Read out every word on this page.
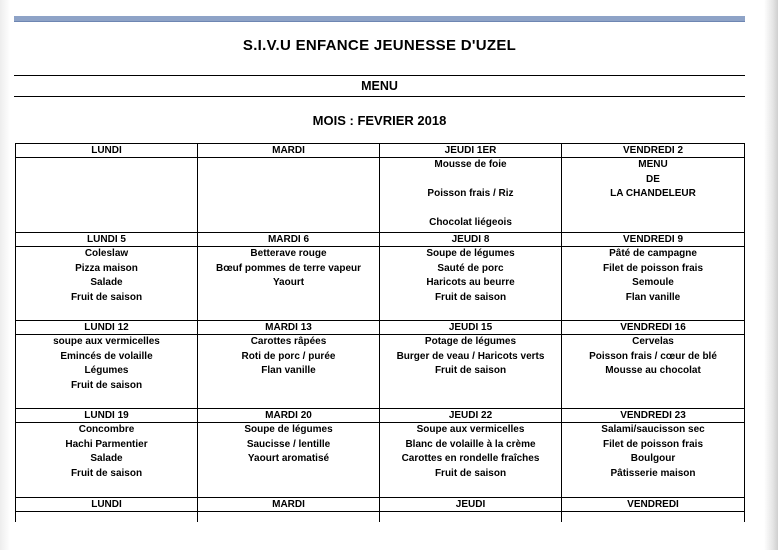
S.I.V.U ENFANCE JEUNESSE D'UZEL
MENU
MOIS : FEVRIER 2018
LUNDI	MARDI	JEUDI 1ER	VENDREDI 2

		Mousse de foie
Poisson frais / Riz
Chocolat liégeois	MENU
DE
LA CHANDELEUR

LUNDI 5	MARDI 6	JEUDI 8	VENDREDI 9

Coleslaw
Pizza maison
Salade
Fruit de saison	Betterave rouge
Bœuf pommes de terre vapeur
Yaourt	Soupe de légumes
Sauté de porc
Haricots au beurre
Fruit de saison	Pâté de campagne
Filet de poisson frais
Semoule
Flan vanille

LUNDI 12	MARDI 13	JEUDI 15	VENDREDI 16

soupe aux vermicelles
Emincés de volaille
Légumes
Fruit de saison	Carottes râpées
Roti de porc / purée
Flan vanille	Potage de légumes
Burger de veau / Haricots verts
Fruit de saison	Cervelas
Poisson frais / cœur de blé
Mousse au chocolat

LUNDI 19	MARDI 20	JEUDI 22	VENDREDI 23

Concombre
Hachi Parmentier
Salade
Fruit de saison	Soupe de légumes
Saucisse / lentille
Yaourt aromatisé	Soupe aux vermicelles
Blanc de volaille à la crème
Carottes en rondelle fraîches
Fruit de saison	Salami/saucisson sec
Filet de poisson frais
Boulgour
Pâtisserie maison

LUNDI	MARDI	JEUDI	VENDREDI
